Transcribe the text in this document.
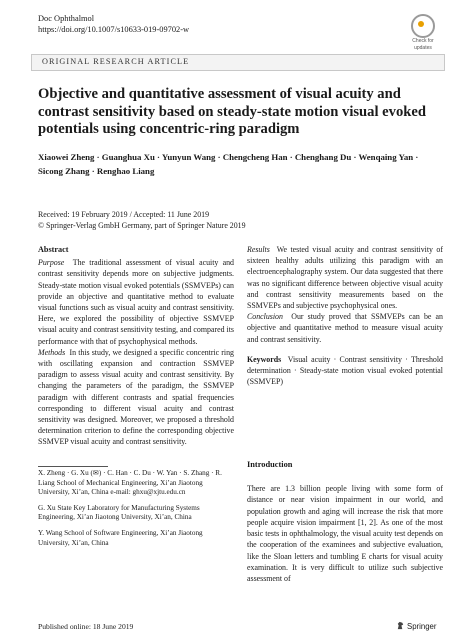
Doc Ophthalmol
https://doi.org/10.1007/s10633-019-09702-w
Check for
updates
ORIGINAL RESEARCH ARTICLE
Objective and quantitative assessment of visual acuity and contrast sensitivity based on steady-state motion visual evoked potentials using concentric-ring paradigm
Xiaowei Zheng · Guanghua Xu · Yunyun Wang · Chengcheng Han · Chenghang Du · Wenqaing Yan · Sicong Zhang · Renghao Liang
Received: 19 February 2019 / Accepted: 11 June 2019
© Springer-Verlag GmbH Germany, part of Springer Nature 2019
Abstract

Purpose The traditional assessment of visual acuity and contrast sensitivity depends more on subjective judgments. Steady-state motion visual evoked potentials (SSMVEPs) can provide an objective and quantitative method to evaluate visual functions such as visual acuity and contrast sensitivity. Here, we explored the possibility of objective SSMVEP visual acuity and contrast sensitivity testing, and compared its performance with that of psychophysical methods.

Methods In this study, we designed a specific concentric ring with oscillating expansion and contraction SSMVEP paradigm to assess visual acuity and contrast sensitivity. By changing the parameters of the paradigm, the SSMVEP paradigm with different contrasts and spatial frequencies corresponding to different visual acuity and contrast sensitivity was designed. Moreover, we proposed a threshold determination criterion to define the corresponding objective SSMVEP visual acuity and contrast sensitivity.

Results We tested visual acuity and contrast sensitivity of sixteen healthy adults utilizing this paradigm with an electroencephalography system. Our data suggested that there was no significant difference between objective visual acuity and contrast sensitivity measurements based on the SSMVEPs and subjective psychophysical ones.

Conclusion Our study proved that SSMVEPs can be an objective and quantitative method to measure visual acuity and contrast sensitivity.

Keywords Visual acuity · Contrast sensitivity · Threshold determination · Steady-state motion visual evoked potential (SSMVEP)

X. Zheng · G. Xu (✉) · C. Han · C. Du · W. Yan · S. Zhang · R. Liang School of Mechanical Engineering, Xi’an Jiaotong University, Xi’an, China e-mail: ghxu@xjtu.edu.cn

G. Xu State Key Laboratory for Manufacturing Systems Engineering, Xi’an Jiaotong University, Xi’an, China

Y. Wang School of Software Engineering, Xi’an Jiaotong University, Xi’an, China

Introduction
There are 1.3 billion people living with some form of distance or near vision impairment in our world, and population growth and aging will increase the risk that more people acquire vision impairment [1, 2]. As one of the most basic tests in ophthalmology, the visual acuity test depends on the cooperation of the examinees and subjective evaluation, like the Sloan letters and tumbling E charts for visual acuity examination. It is very difficult to utilize such subjective assessment of
Published online: 18 June 2019	Springer
